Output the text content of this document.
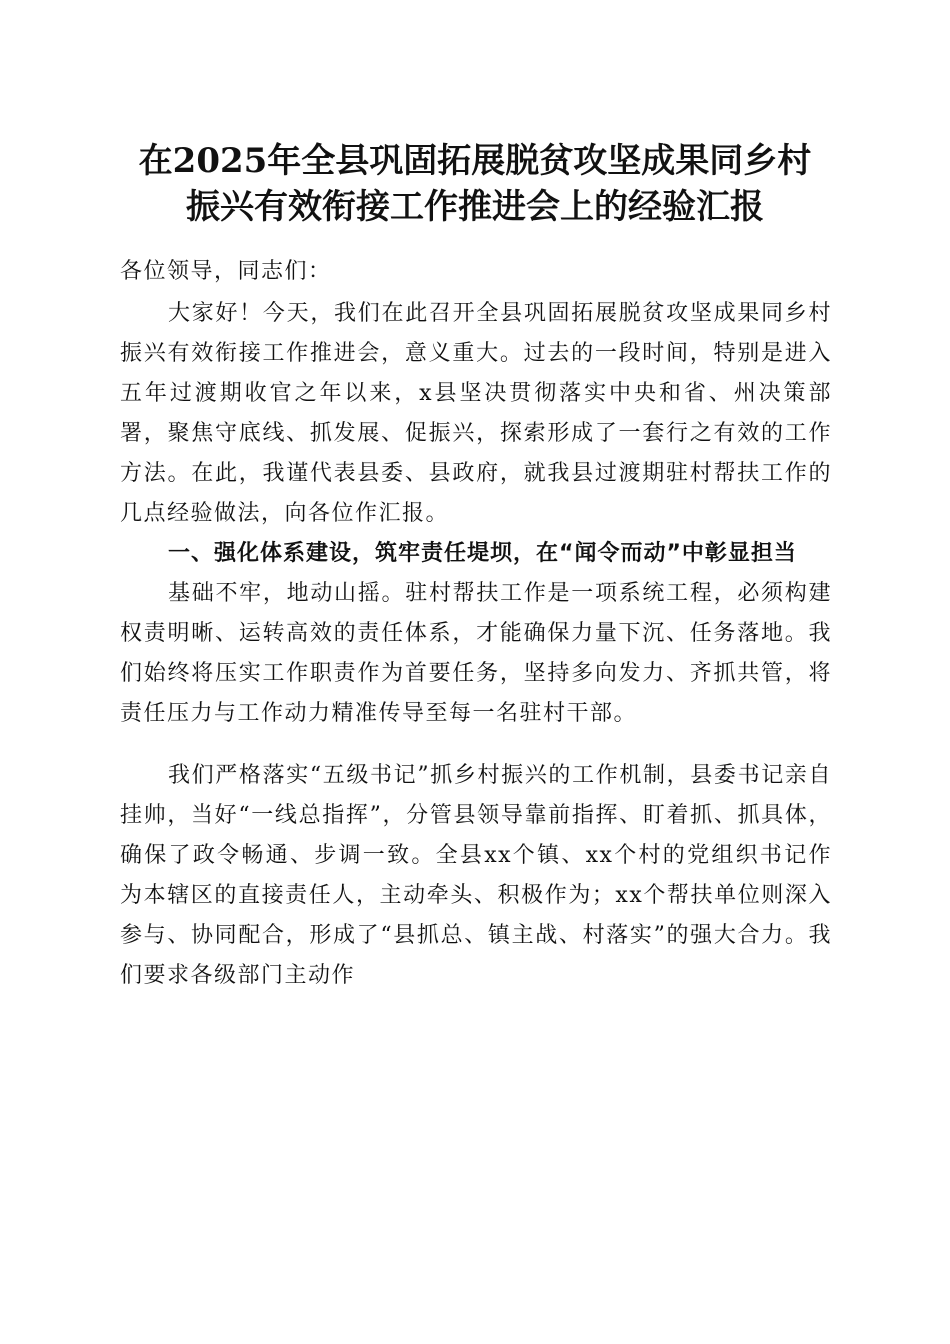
在2025年全县巩固拓展脱贫攻坚成果同乡村
振兴有效衔接工作推进会上的经验汇报

各位领导，同志们：

大家好！今天，我们在此召开全县巩固拓展脱贫攻坚成果同乡村振兴有效衔接工作推进会，意义重大。过去的一段时间，特别是进入五年过渡期收官之年以来，x县坚决贯彻落实中央和省、州决策部署，聚焦守底线、抓发展、促振兴，探索形成了一套行之有效的工作方法。在此，我谨代表县委、县政府，就我县过渡期驻村帮扶工作的几点经验做法，向各位作汇报。

一、强化体系建设，筑牢责任堤坝，在“闻令而动”中彰显担当

基础不牢，地动山摇。驻村帮扶工作是一项系统工程，必须构建权责明晰、运转高效的责任体系，才能确保力量下沉、任务落地。我们始终将压实工作职责作为首要任务，坚持多向发力、齐抓共管，将责任压力与工作动力精准传导至每一名驻村干部。

我们严格落实“五级书记”抓乡村振兴的工作机制，县委书记亲自挂帅，当好“一线总指挥”，分管县领导靠前指挥、盯着抓、抓具体，确保了政令畅通、步调一致。全县xx个镇、xx个村的党组织书记作为本辖区的直接责任人，主动牵头、积极作为；xx个帮扶单位则深入参与、协同配合，形成了“县抓总、镇主战、村落实”的强大合力。我们要求各级部门主动作
